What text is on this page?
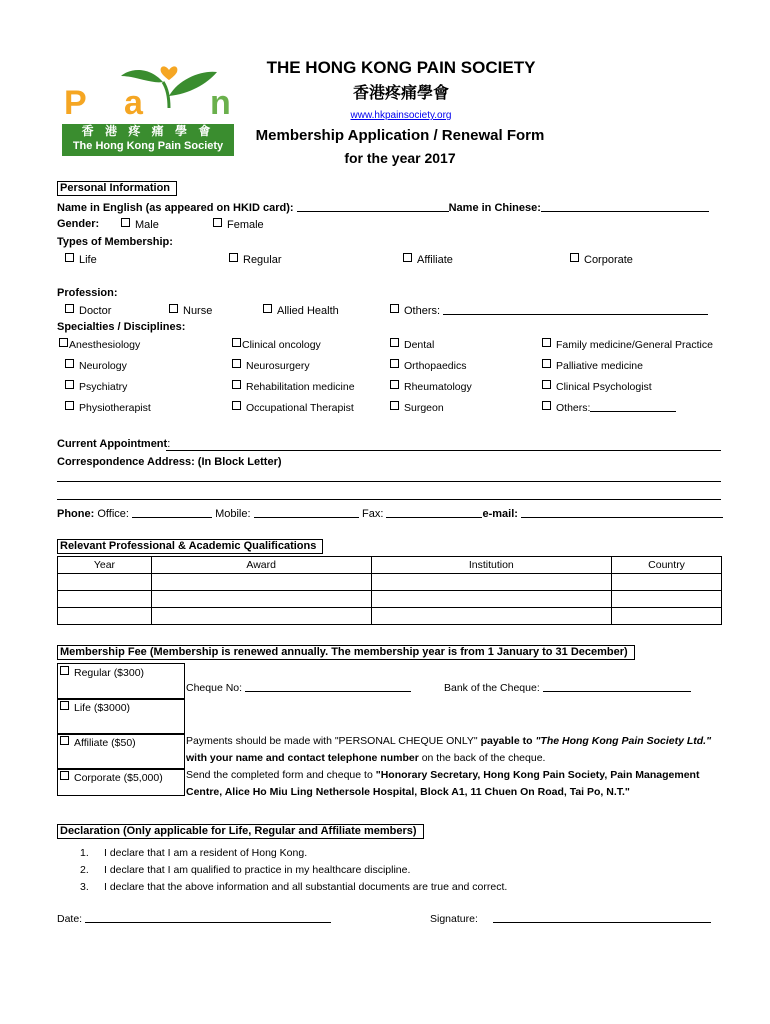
P a n
香 港 疼 痛 學 會
The Hong Kong Pain Society
THE HONG KONG PAIN SOCIETY
香港疼痛學會
www.hkpainsociety.org
Membership Application / Renewal Form
for the year 2017
Personal Information
Name in English (as appeared on HKID card):	Name in Chinese:
Gender:	Male	Female
Types of Membership:
Life	Regular	Affiliate	Corporate
Profession:
Doctor	Nurse	Allied Health	Others:
Specialties / Disciplines:
Anesthesiology	Clinical oncology	Dental	Family medicine/General Practice
Neurology	Neurosurgery	Orthopaedics	Palliative medicine
Psychiatry	Rehabilitation medicine	Rheumatology	Clinical Psychologist
Physiotherapist	Occupational Therapist	Surgeon	Others:
Current Appointment:
Correspondence Address: (In Block Letter)
Phone: Office:	Mobile:	Fax:	e-mail:
Relevant Professional & Academic Qualifications
Year	Award	Institution	Country

Membership Fee (Membership is renewed annually. The membership year is from 1 January to 31 December)
Regular ($300)
Life ($3000)
Affiliate ($50)
Corporate ($5,000)
Cheque No:	Bank of the Cheque:
Payments should be made with "PERSONAL CHEQUE ONLY" payable to "The Hong Kong Pain Society Ltd."
with your name and contact telephone number on the back of the cheque.
Send the completed form and cheque to "Honorary Secretary, Hong Kong Pain Society, Pain Management
Centre, Alice Ho Miu Ling Nethersole Hospital, Block A1, 11 Chuen On Road, Tai Po, N.T."
Declaration (Only applicable for Life, Regular and Affiliate members)
1. I declare that I am a resident of Hong Kong.
2. I declare that I am qualified to practice in my healthcare discipline.
3. I declare that the above information and all substantial documents are true and correct.
Date:	Signature:
